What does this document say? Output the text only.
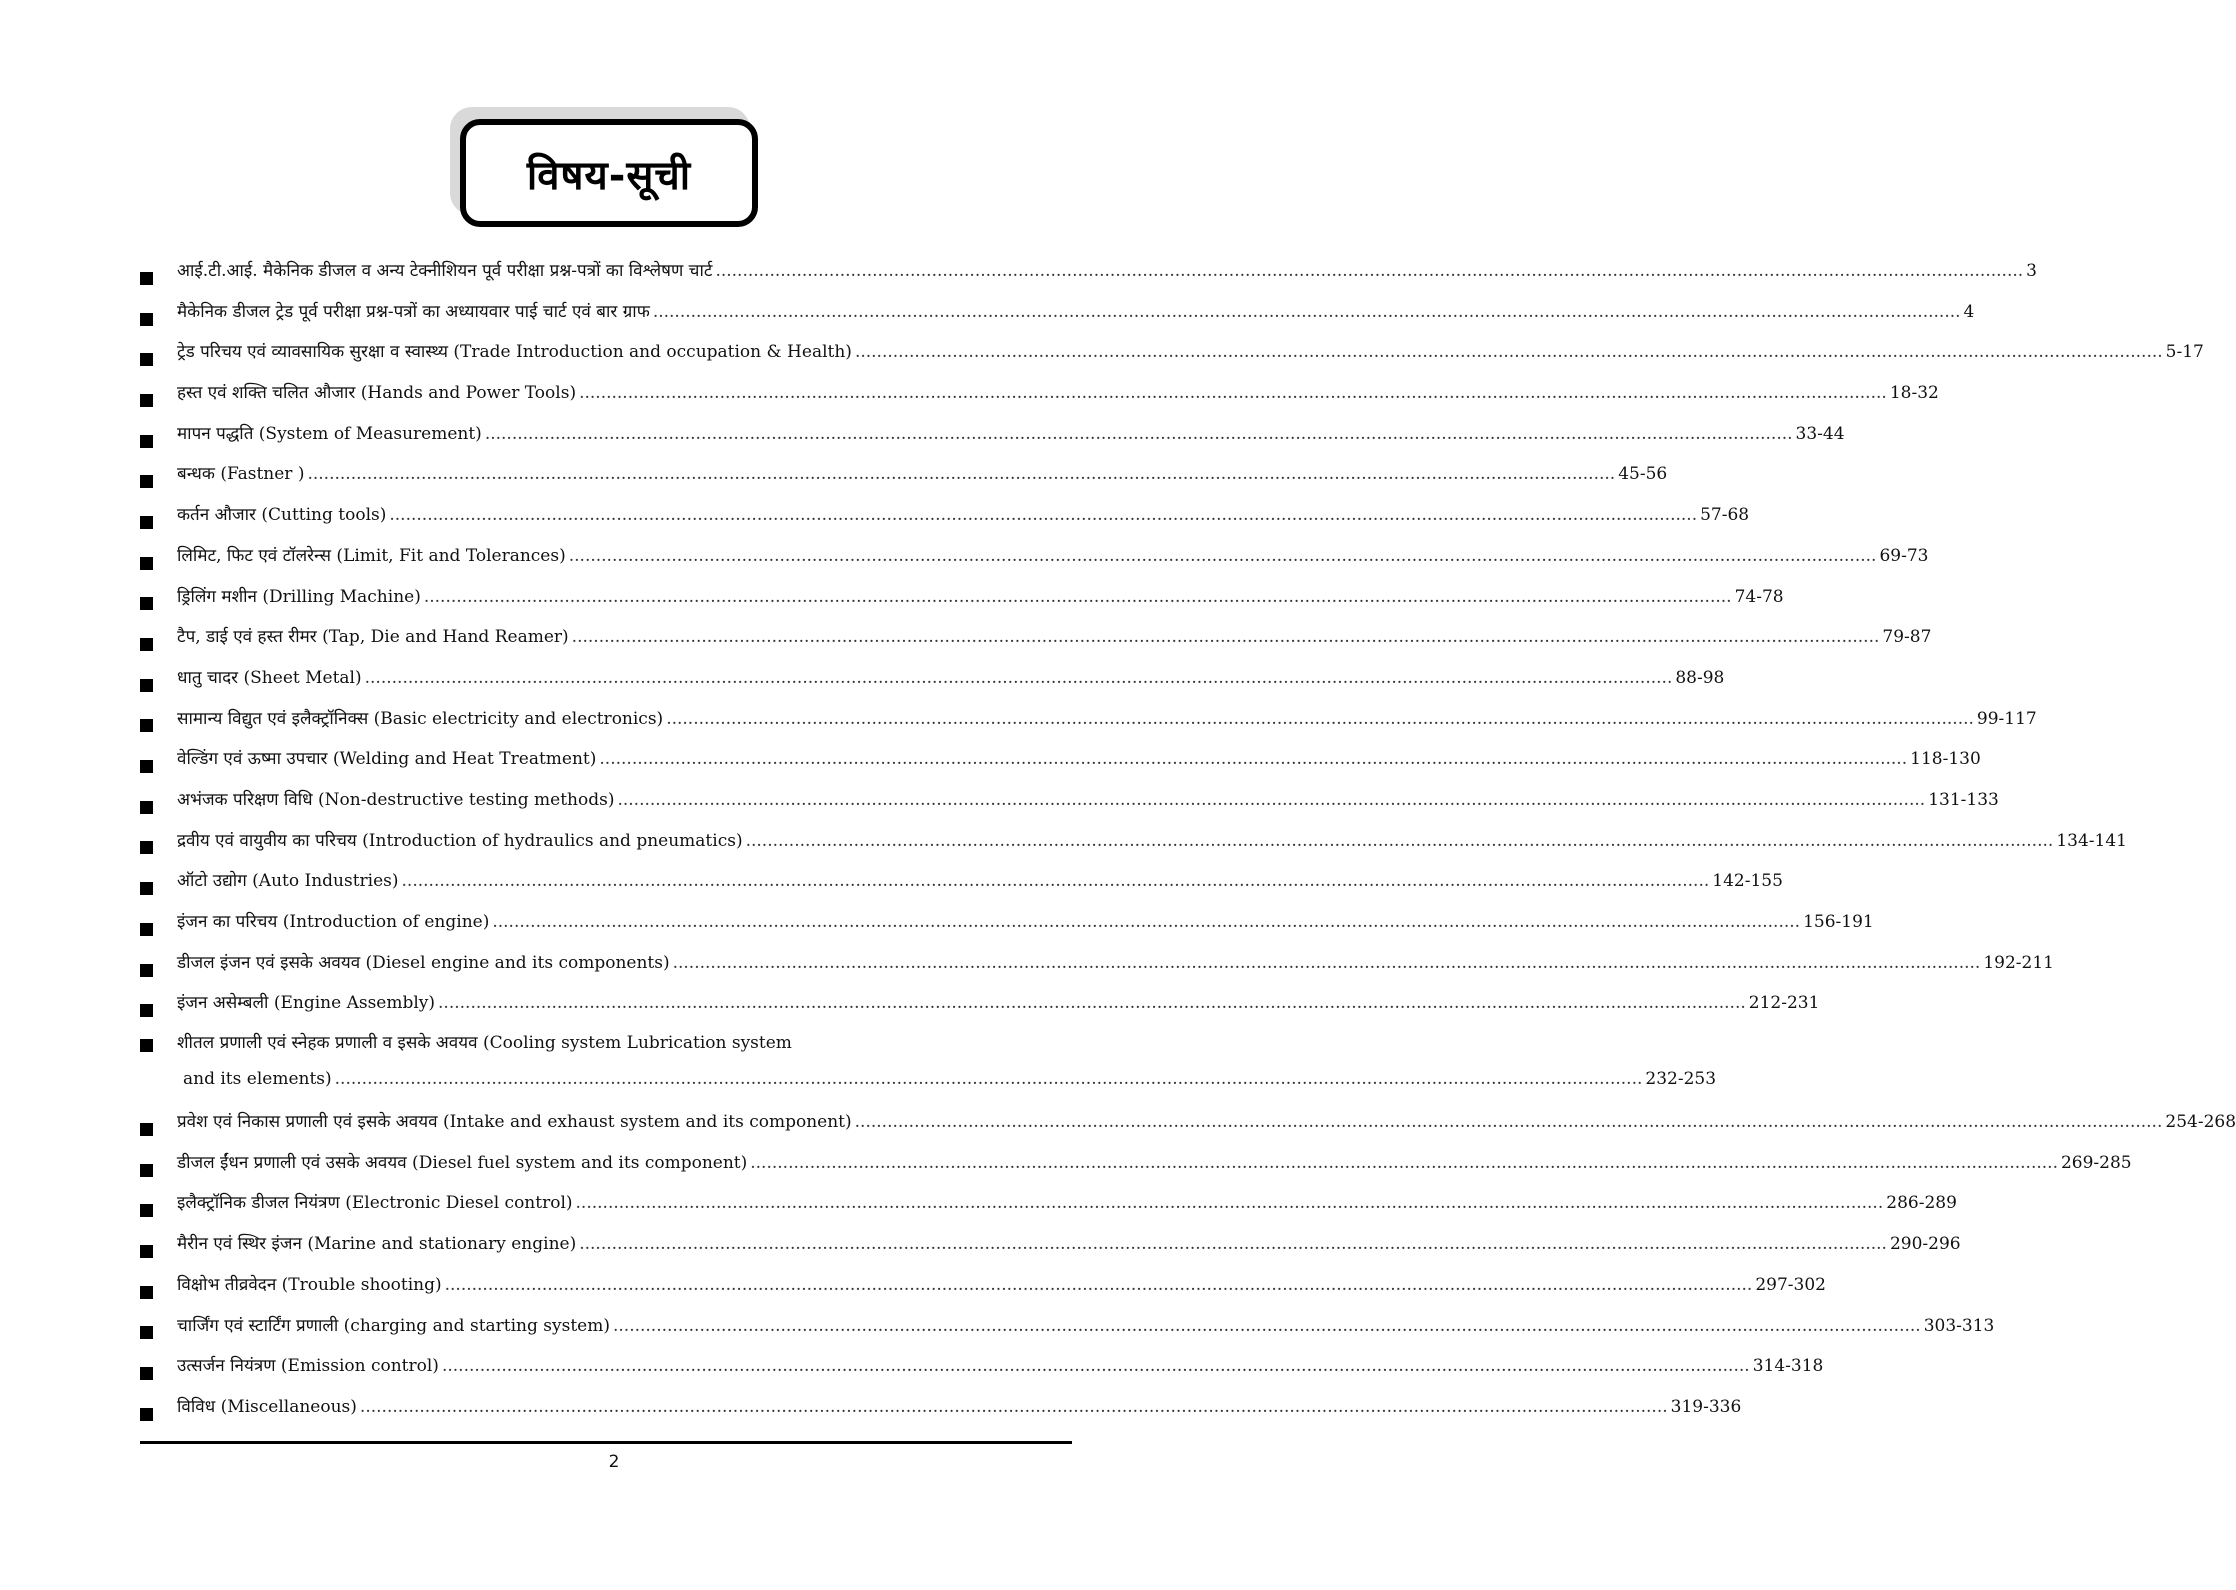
विषय-सूची
आई.टी.आई. मैकेनिक डीजल व अन्य टेक्नीशियन पूर्व परीक्षा प्रश्न-पत्रों का विश्लेषण चार्ट .....	3
मैकेनिक डीजल ट्रेड पूर्व परीक्षा प्रश्न-पत्रों का अध्यायवार पाई चार्ट एवं बार ग्राफ .....	4
ट्रेड परिचय एवं व्यावसायिक सुरक्षा व स्वास्थ्य (Trade Introduction and occupation & Health) .....	5-17
हस्त एवं शक्ति चलित औजार (Hands and Power Tools) .....	18-32
मापन पद्धति (System of Measurement) .....	33-44
बन्धक (Fastner ) .....	45-56
कर्तन औजार (Cutting tools) .....	57-68
लिमिट, फिट एवं टॉलरेन्स (Limit, Fit and Tolerances) .....	69-73
ड्रिलिंग मशीन (Drilling Machine) .....	74-78
टैप, डाई एवं हस्त रीमर (Tap, Die and Hand Reamer) .....	79-87
धातु चादर (Sheet Metal) .....	88-98
सामान्य विद्युत एवं इलैक्ट्रॉनिक्स (Basic electricity and electronics) .....	99-117
वेल्डिंग एवं ऊष्मा उपचार (Welding and Heat Treatment) .....	118-130
अभंजक परिक्षण विधि (Non-destructive testing methods) .....	131-133
द्रवीय एवं वायुवीय का परिचय (Introduction of hydraulics and pneumatics) .....	134-141
ऑटो उद्योग (Auto Industries) .....	142-155
इंजन का परिचय (Introduction of engine) .....	156-191
डीजल इंजन एवं इसके अवयव (Diesel engine and its components) .....	192-211
इंजन असेम्बली (Engine Assembly) .....	212-231
शीतल प्रणाली एवं स्नेहक प्रणाली व इसके अवयव (Cooling system Lubrication system
and its elements) .....	232-253
प्रवेश एवं निकास प्रणाली एवं इसके अवयव (Intake and exhaust system and its component) .....	254-268
डीजल ईंधन प्रणाली एवं उसके अवयव (Diesel fuel system and its component) .....	269-285
इलैक्ट्रॉनिक डीजल नियंत्रण (Electronic Diesel control) .....	286-289
मैरीन एवं स्थिर इंजन (Marine and stationary engine) .....	290-296
विक्षोभ तीव्रवेदन (Trouble shooting) .....	297-302
चार्जिंग एवं स्टार्टिंग प्रणाली (charging and starting system) .....	303-313
उत्सर्जन नियंत्रण (Emission control) .....	314-318
विविध (Miscellaneous) .....	319-336
2
